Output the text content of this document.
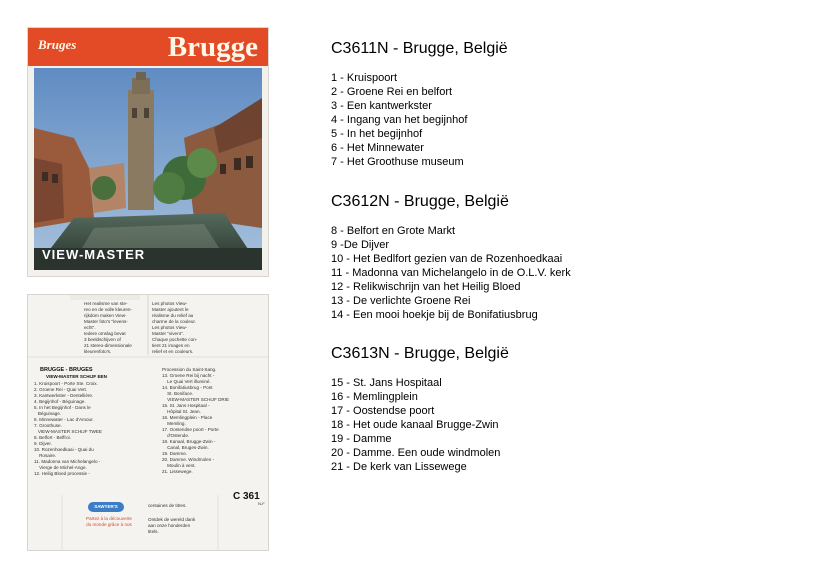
Bruges	Brugge
VIEW-MASTER
Het realisme van ste-
reo en de volle kleuren-
rijkdom maken View-
Master foto's "levens-
echt".
Iedere omslag bevat
3 beeldschijven of
21 stereo-dimensionale
kleurenfoto's.
Les photos View-
Master ajoutent le
réalisme du relief au
charme de la couleur.
Les photos View-
Master "vivent".
Chaque pochette con-
tient 21 images en
relief et en couleurs.
BRUGGE - BRUGES
VIEW-MASTER SCHIJF EEN
1. Kruispoort - Porte Ste. Croix.
2. Groene Rei - Quai Vert.
3. Kantwerkster - Dentellière.
4. Begijnhof - Béguinage.
5. In het Begijnhof - Dans le
Béguinage.
6. Minnewater - Lac d'Amour.
7. Groothuse.
VIEW-MASTER SCHIJF TWEE
8. Belfort - Beffroi.
9. Dijver.
10. Rozenhoedkaai - Quai du
Rosaire.
11. Madonna van Michelangelo -
Vierge de Michel-Ange.
12. Heilig Bloed processie -
Procession du Saint-Sang.
13. Groene Rei bij nacht -
Le Quai Vert illuminé.
14. Bonifatiusbrug - Pont
St. Boniface.
VIEW-MASTER SCHIJF DRIE
15. St. Jans Hospitaal -
Hôpital St. Jean.
16. Memlingplein - Place
Memling.
17. Oostendse poort - Porte
d'Ostende.
18. Kanaal, Brugge-Zwin -
Canal, Bruges-Zwin.
19. Damme.
20. Damme. Windmolen -
Moulin à vent.
21. Lissewege.
C 361
N-F
SAWYER'S
Partez à la découverte
du monde grâce à nos
centaines de titres.
Ontdek de wereld dank
aan onze honderden
titels.
C3611N - Brugge, België
1 - Kruispoort
2 - Groene Rei en belfort
3 - Een kantwerkster
4 - Ingang van het begijnhof
5 - In het begijnhof
6 - Het Minnewater
7 - Het Groothuse museum
C3612N - Brugge, België
8 - Belfort en Grote Markt
9 -De Dijver
10 - Het Bedlfort gezien van de Rozenhoedkaai
11 - Madonna van Michelangelo in de O.L.V. kerk
12 - Relikwischrijn van het Heilig Bloed
13 - De verlichte Groene Rei
14 - Een mooi hoekje bij de Bonifatiusbrug
C3613N - Brugge, België
15 - St. Jans Hospitaal
16 - Memlingplein
17 - Oostendse poort
18 - Het oude kanaal Brugge-Zwin
19 - Damme
20 - Damme. Een oude windmolen
21 - De kerk van Lissewege
